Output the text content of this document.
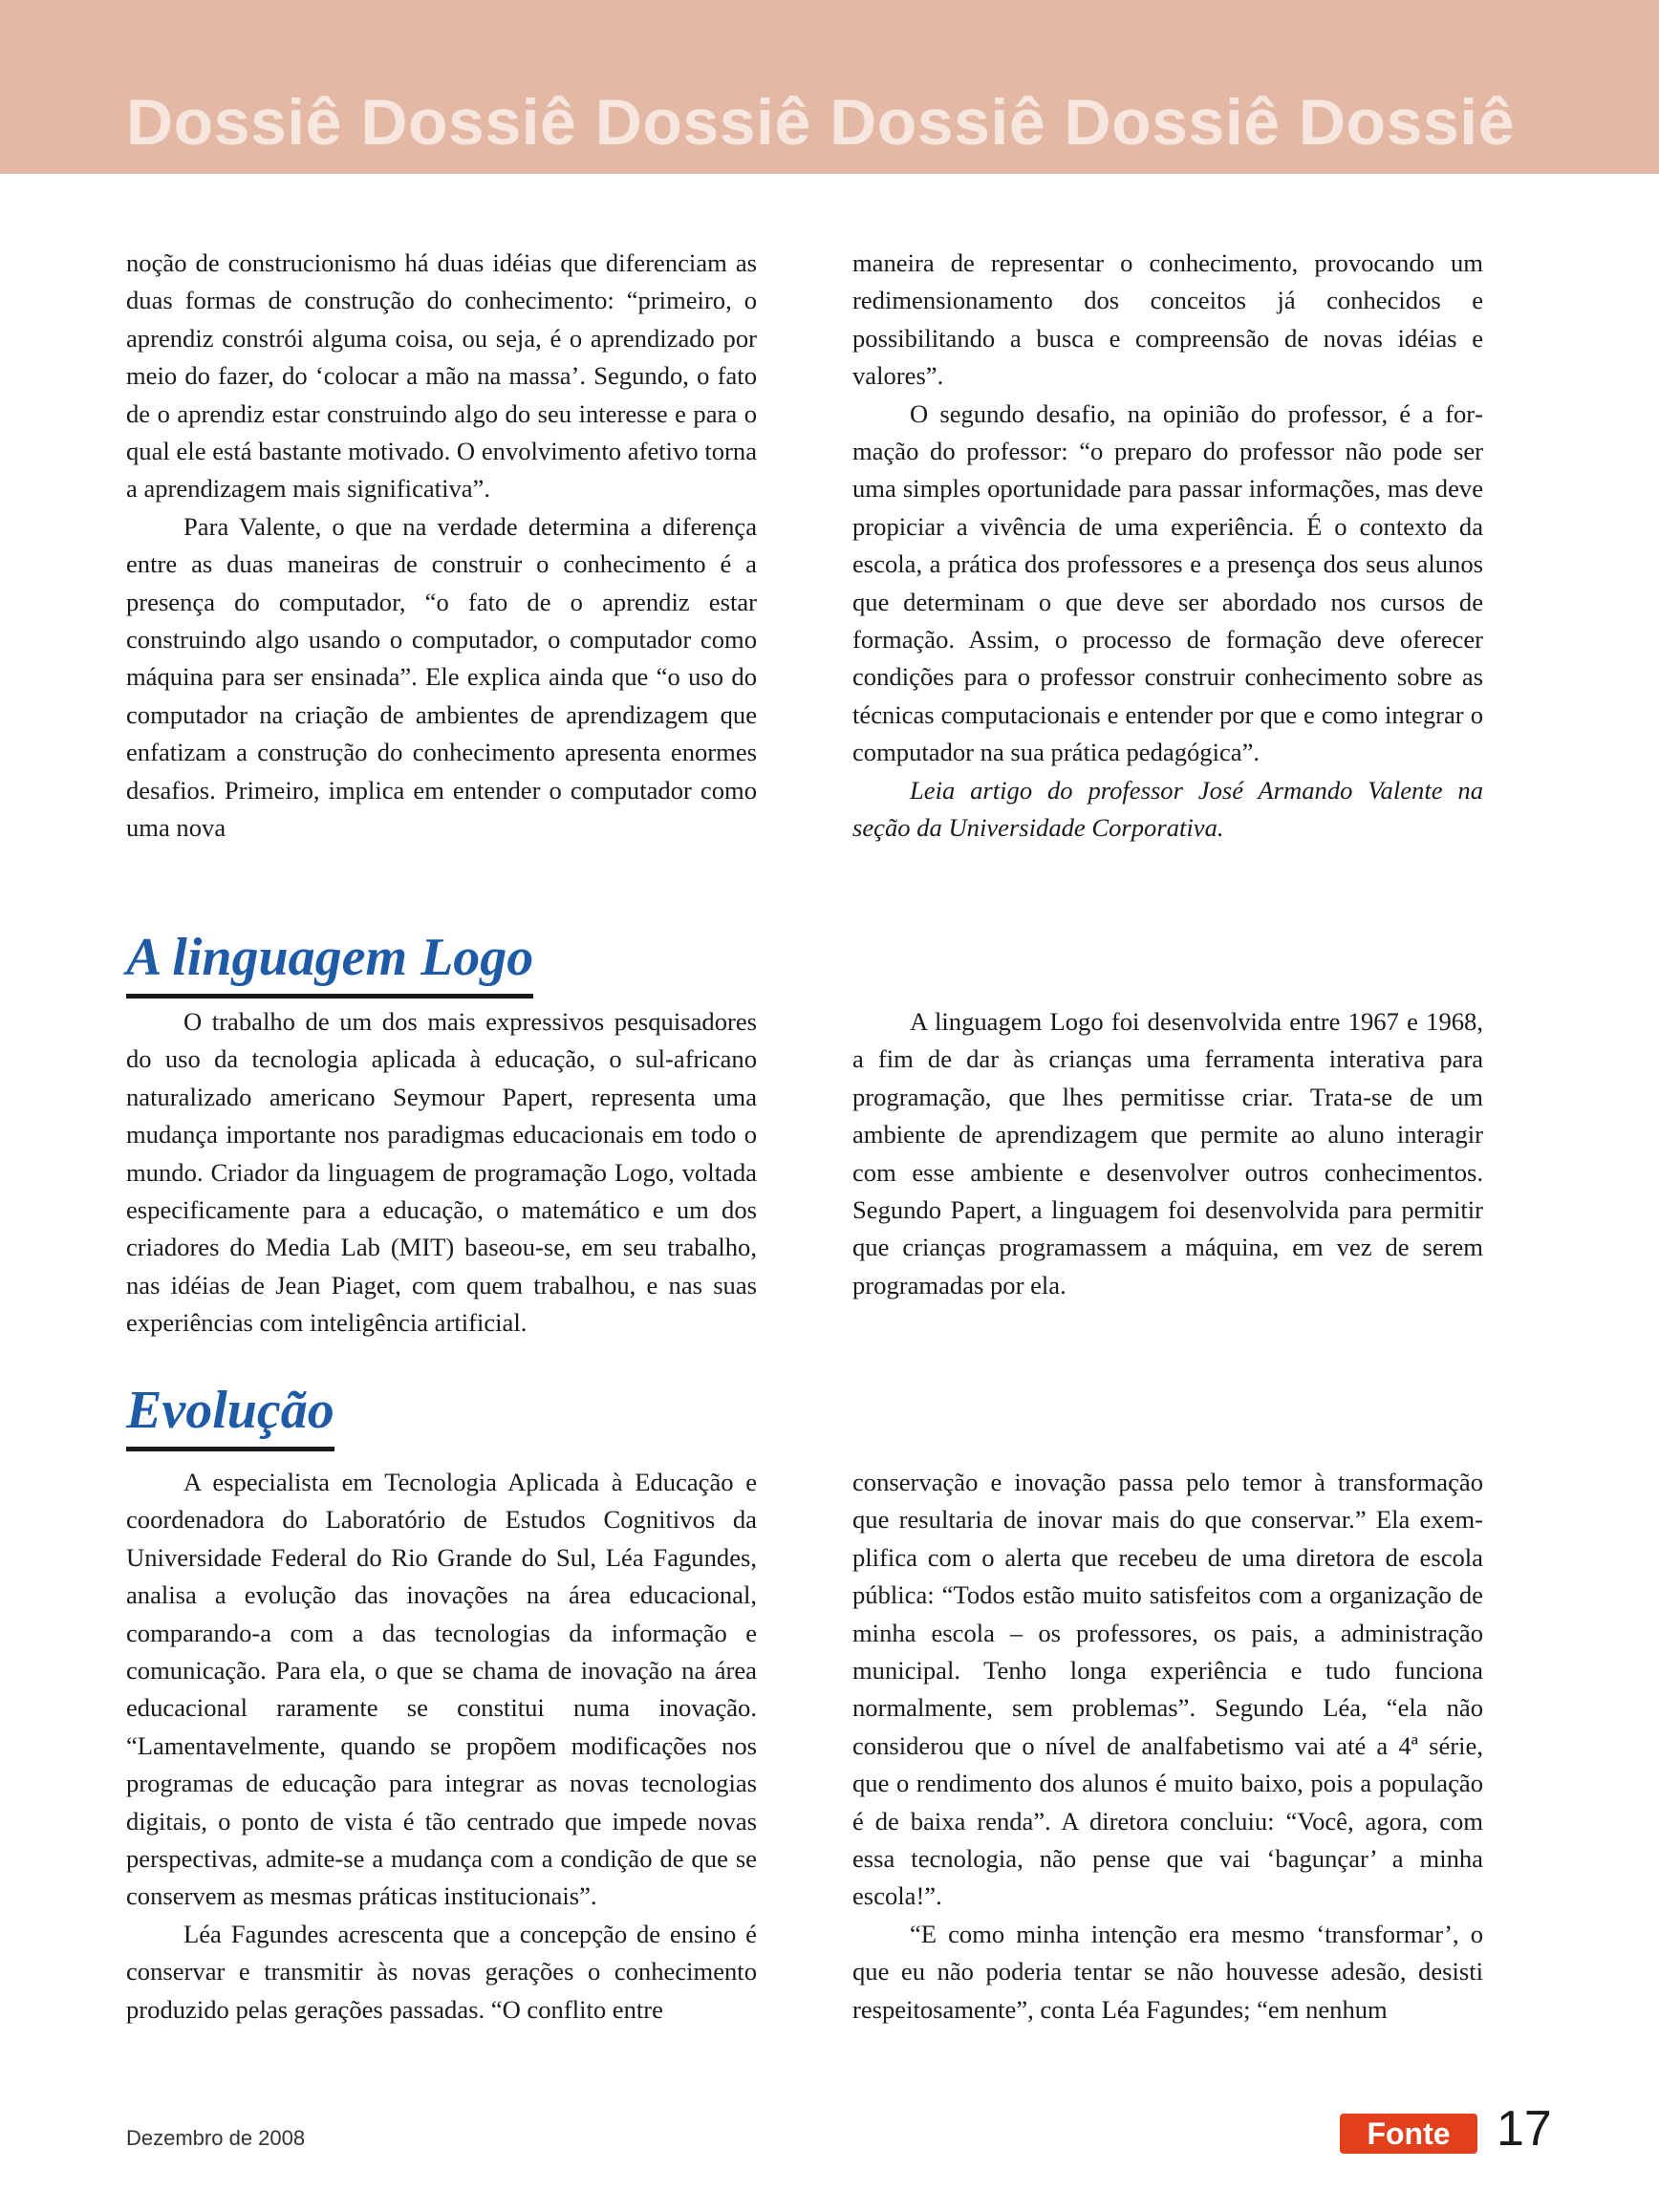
Dossiê Dossiê Dossiê Dossiê Dossiê Dossiê

noção de construcionismo há duas idéias que diferenciam as duas formas de construção do conhecimento: “primeiro, o aprendiz constrói alguma coisa, ou seja, é o aprendizado por meio do fazer, do ‘colocar a mão na massa’. Segundo, o fato de o aprendiz estar construindo algo do seu interesse e para o qual ele está bastante motivado. O envolvimento afetivo torna a aprendizagem mais significativa”.

Para Valente, o que na verdade determina a diferença entre as duas maneiras de construir o conhecimento é a presença do computador, “o fato de o aprendiz estar construindo algo usando o computador, o computador como máquina para ser ensinada”. Ele explica ainda que “o uso do computador na criação de ambientes de aprendizagem que enfatizam a construção do conhecimento apresenta enormes desafios. Primeiro, implica em entender o computador como uma nova

maneira de representar o conhecimento, provocando um redimensionamento dos conceitos já conhecidos e possibilitando a busca e compreensão de novas idéias e valores”.

O segundo desafio, na opinião do professor, é a formação do professor: “o preparo do professor não pode ser uma simples oportunidade para passar informações, mas deve propiciar a vivência de uma experiência. É o contexto da escola, a prática dos professores e a presença dos seus alunos que determinam o que deve ser abordado nos cursos de formação. Assim, o processo de formação deve oferecer condições para o professor construir conhecimento sobre as técnicas computacionais e entender por que e como integrar o computador na sua prática pedagógica”.

Leia artigo do professor José Armando Valente na seção da Universidade Corporativa.

A linguagem Logo

O trabalho de um dos mais expressivos pesquisadores do uso da tecnologia aplicada à educação, o sul-africano naturalizado americano Seymour Papert, representa uma mudança importante nos paradigmas educacionais em todo o mundo. Criador da linguagem de programação Logo, voltada especificamente para a educação, o matemático e um dos criadores do Media Lab (MIT) baseou-se, em seu trabalho, nas idéias de Jean Piaget, com quem trabalhou, e nas suas experiências com inteligência artificial.

A linguagem Logo foi desenvolvida entre 1967 e 1968, a fim de dar às crianças uma ferramenta interativa para programação, que lhes permitisse criar. Trata-se de um ambiente de aprendizagem que permite ao aluno interagir com esse ambiente e desenvolver outros conhecimentos. Segundo Papert, a linguagem foi desenvolvida para permitir que crianças programassem a máquina, em vez de serem programadas por ela.

Evolução

A especialista em Tecnologia Aplicada à Educação e coordenadora do Laboratório de Estudos Cognitivos da Universidade Federal do Rio Grande do Sul, Léa Fagundes, analisa a evolução das inovações na área educacional, comparando-a com a das tecnologias da informação e comunicação. Para ela, o que se chama de inovação na área educacional raramente se constitui numa inovação. “Lamentavelmente, quando se propõem modificações nos programas de educação para integrar as novas tecnologias digitais, o ponto de vista é tão centrado que impede novas perspectivas, admite-se a mudança com a condição de que se conservem as mesmas práticas institucionais”.

Léa Fagundes acrescenta que a concepção de ensino é conservar e transmitir às novas gerações o conhecimento produzido pelas gerações passadas. “O conflito entre

conservação e inovação passa pelo temor à transformação que resultaria de inovar mais do que conservar.” Ela exemplifica com o alerta que recebeu de uma diretora de escola pública: “Todos estão muito satisfeitos com a organização de minha escola – os professores, os pais, a administração municipal. Tenho longa experiência e tudo funciona normalmente, sem problemas”. Segundo Léa, “ela não considerou que o nível de analfabetismo vai até a 4ª série, que o rendimento dos alunos é muito baixo, pois a população é de baixa renda”. A diretora concluiu: “Você, agora, com essa tecnologia, não pense que vai ‘bagunçar’ a minha escola!”.

“E como minha intenção era mesmo ‘transformar’, o que eu não poderia tentar se não houvesse adesão, desisti respeitosamente”, conta Léa Fagundes; “em nenhum

Dezembro de 2008	Fonte 17
